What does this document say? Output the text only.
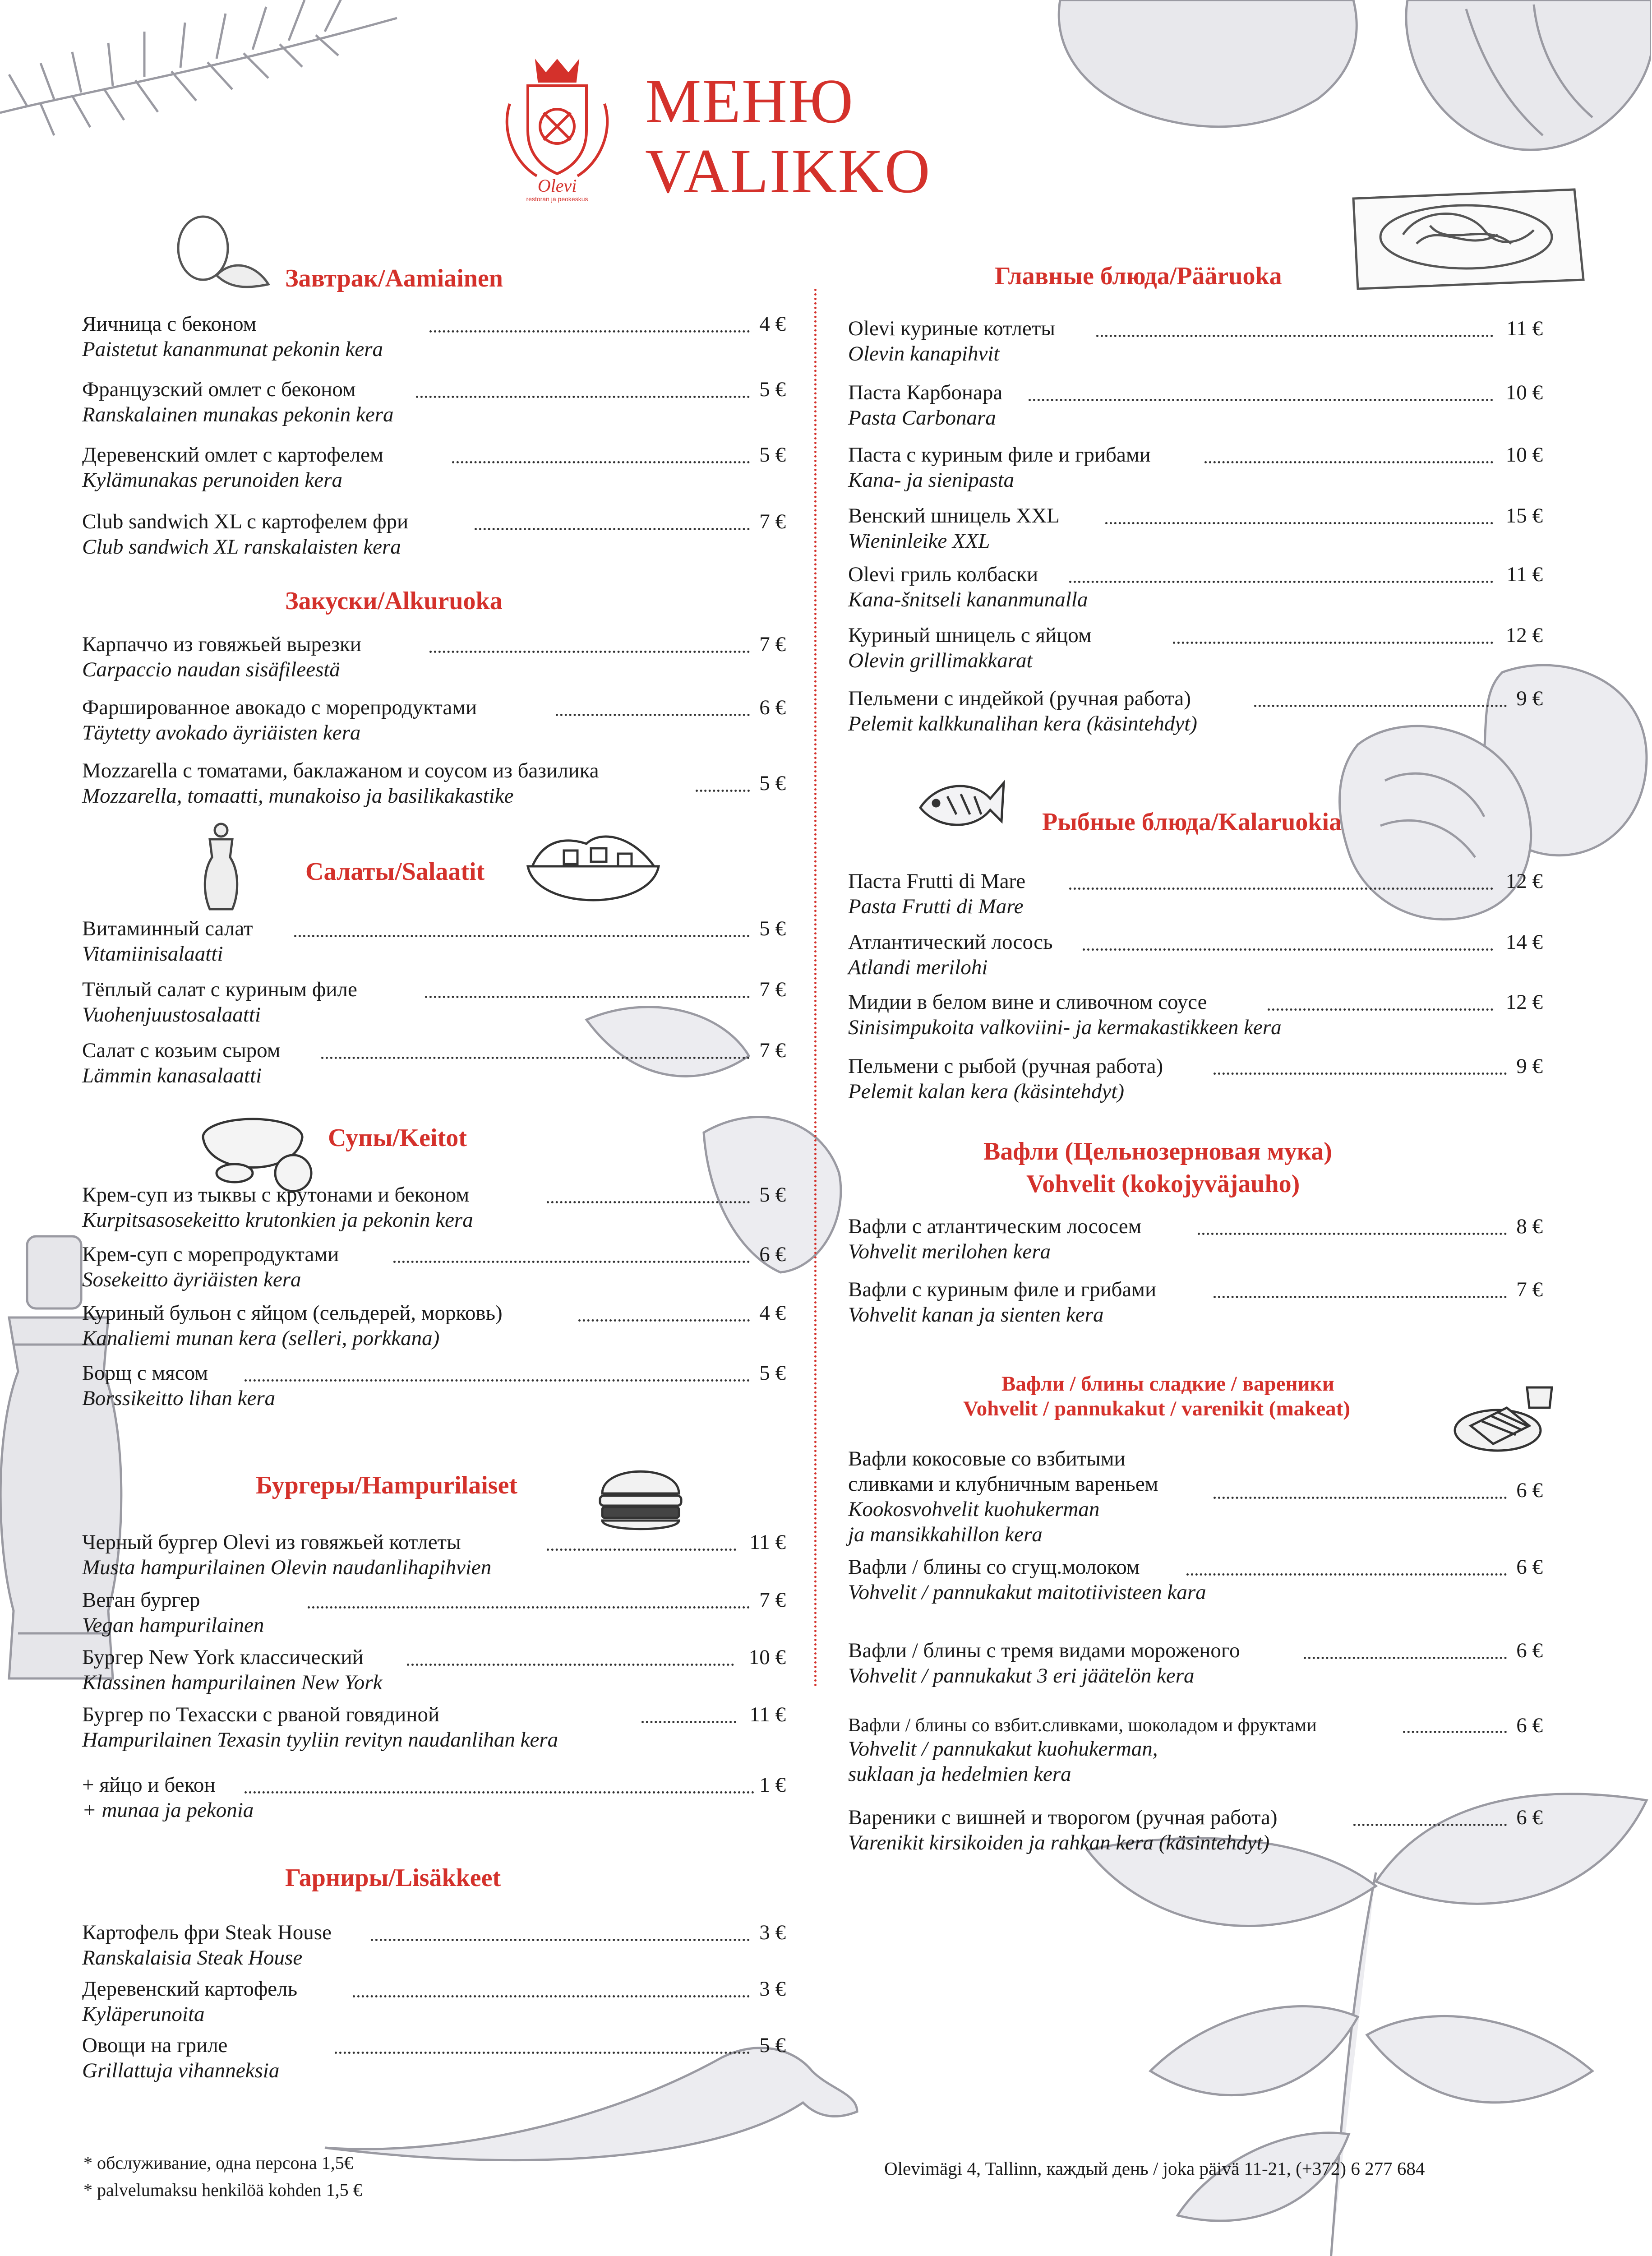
Olevi
restoran ja peokeskus
МЕНЮ
VALIKKO
Завтрак/Aamiainen
Яичница с беконом
Paistetut kananmunat pekonin kera
4 €
Французский омлет с беконом
Ranskalainen munakas pekonin kera
5 €
Деревенский омлет с картофелем
Kylämunakas perunoiden kera
5 €
Club sandwich XL с картофелем фри
Club sandwich XL ranskalaisten kera
7 €
Закуски/Alkuruoka
Карпаччо из говяжьей вырезки
Carpaccio naudan sisäfileestä
7 €
Фаршированное авокадо с морепродуктами
Täytetty avokado äyriäisten kera
6 €
Mozzarella с томатами, баклажаном и соусом из базилика
Mozzarella, tomaatti, munakoiso ja basilikakastike
5 €
Салаты/Salaatit
Витаминный салат
Vitamiinisalaatti
5 €
Тёплый салат с куриным филе
Vuohenjuustosalaatti
7 €
Салат с козьим сыром
Lämmin kanasalaatti
7 €
Супы/Keitot
Крем-суп из тыквы с крутонами и беконом
Kurpitsasosekeitto krutonkien ja pekonin kera
5 €
Крем-суп с морепродуктами
Sosekeitto äyriäisten kera
6 €
Куриный бульон с яйцом (сельдерей, морковь)
Kanaliemi munan kera (selleri, porkkana)
4 €
Борщ с мясом
Borssikeitto lihan kera
5 €
Бургеры/Hampurilaiset
Черный бургер Olevi из говяжьей котлеты
Musta hampurilainen Olevin naudanlihapihvien
11 €
Веган бургер
Vegan hampurilainen
7 €
Бургер New York классический
Klassinen hampurilainen New York
10 €
Бургер по Техасски с рваной говядиной
Hampurilainen Texasin tyyliin revityn naudanlihan kera
11 €
+ яйцо и бекон
+ munaa ja pekonia
1 €
Гарниры/Lisäkkeet
Картофель фри Steak House
Ranskalaisia Steak House
3 €
Деревенский картофель
Kyläperunoita
3 €
Овощи на гриле
Grillattuja vihanneksia
5 €
Главные блюда/Pääruoka
Olevi куриные котлеты
Olevin kanapihvit
11 €
Паста Карбонара
Pasta Carbonara
10 €
Паста с куриным филе и грибами
Kana- ja sienipasta
10 €
Венский шницель XXL
Wieninleike XXL
15 €
Olevi гриль колбаски
Kana-šnitseli kananmunalla
11 €
Куриный шницель с яйцом
Olevin grillimakkarat
12 €
Пельмени с индейкой (ручная работа)
Pelemit kalkkunalihan kera (käsintehdyt)
9 €
Рыбные блюда/Kalaruokia
Паста Frutti di Mare
Pasta Frutti di Mare
12 €
Атлантический лосось
Atlandi merilohi
14 €
Мидии в белом вине и сливочном соусе
Sinisimpukoita valkoviini- ja kermakastikkeen kera
12 €
Пельмени с рыбой (ручная работа)
Pelemit kalan kera (käsintehdyt)
9 €
Вафли (Цельнозерновая мука)
Vohvelit (kokojyväjauho)
Вафли с атлантическим лососем
Vohvelit merilohen kera
8 €
Вафли с куриным филе и грибами
Vohvelit kanan ja sienten kera
7 €
Вафли / блины сладкие / вареники
Vohvelit / pannukakut / varenikit (makeat)
Вафли кокосовые со взбитыми
сливками и клубничным вареньем
Kookosvohvelit kuohukerman
ja mansikkahillon kera
6 €
Вафли / блины со сгущ.молоком
Vohvelit / pannukakut maitotiivisteen kara
6 €
Вафли / блины с тремя видами мороженого
Vohvelit / pannukakut 3 eri jäätelön kera
6 €
Вафли / блины со взбит.сливками, шоколадом и фруктами
Vohvelit / pannukakut kuohukerman,
suklaan ja hedelmien kera
6 €
Вареники с вишней и творогом (ручная работа)
Varenikit kirsikoiden ja rahkan kera (käsintehdyt)
6 €
* обслуживание, одна персона 1,5€
* palvelumaksu henkilöä kohden 1,5 €
Olevimägi 4, Tallinn, каждый день / joka päivä 11-21, (+372) 6 277 684
